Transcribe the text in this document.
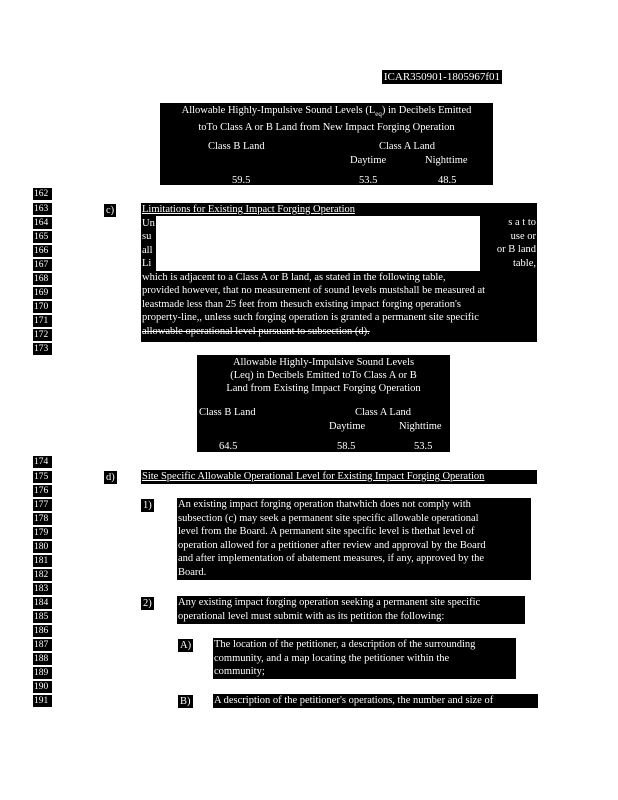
ICAR350901-1805967f01
Allowable Highly-Impulsive Sound Levels $(L_{eq})$ in Decibels Emitted
toTo Class A or B Land from New Impact Forging Operation
Class B Land	Class A Land
Daytime	Nighttime
59.5	53.5	48.5
162
163
164
165
166
167
168
169
170
171
172
173
174
175
176
177
178
179
180
181
182
183
184
185
186
187
188
189
190
191
c)	Limitations for Existing Impact Forging Operation
Un
su
all
Li
which is adjacent to a Class A or B land, as stated in the following table,
provided however, that no measurement of sound levels mustshall be measured at
leastmade less than 25 feet from thesuch existing impact forging operation's
property-line,, unless such forging operation is granted a permanent site specific
allowable operational level pursuant to subsection (d).
s a t to
use or
or B land
table,
Allowable Highly-Impulsive Sound Levels
(Leq) in Decibels Emitted toTo Class A or B
Land from Existing Impact Forging Operation
Class B Land	Class A Land
Daytime	Nighttime
64.5	58.5	53.5
d)	Site Specific Allowable Operational Level for Existing Impact Forging Operation
1)	An existing impact forging operation thatwhich does not comply with
subsection (c) may seek a permanent site specific allowable operational
level from the Board. A permanent site specific level is thethat level of
operation allowed for a petitioner after review and approval by the Board
and after implementation of abatement measures, if any, approved by the
Board.
2)	Any existing impact forging operation seeking a permanent site specific
operational level must submit with as its petition the following:
A) The location of the petitioner, a description of the surrounding
community, and a map locating the petitioner within the
community;
B) A description of the petitioner's operations, the number and size of
